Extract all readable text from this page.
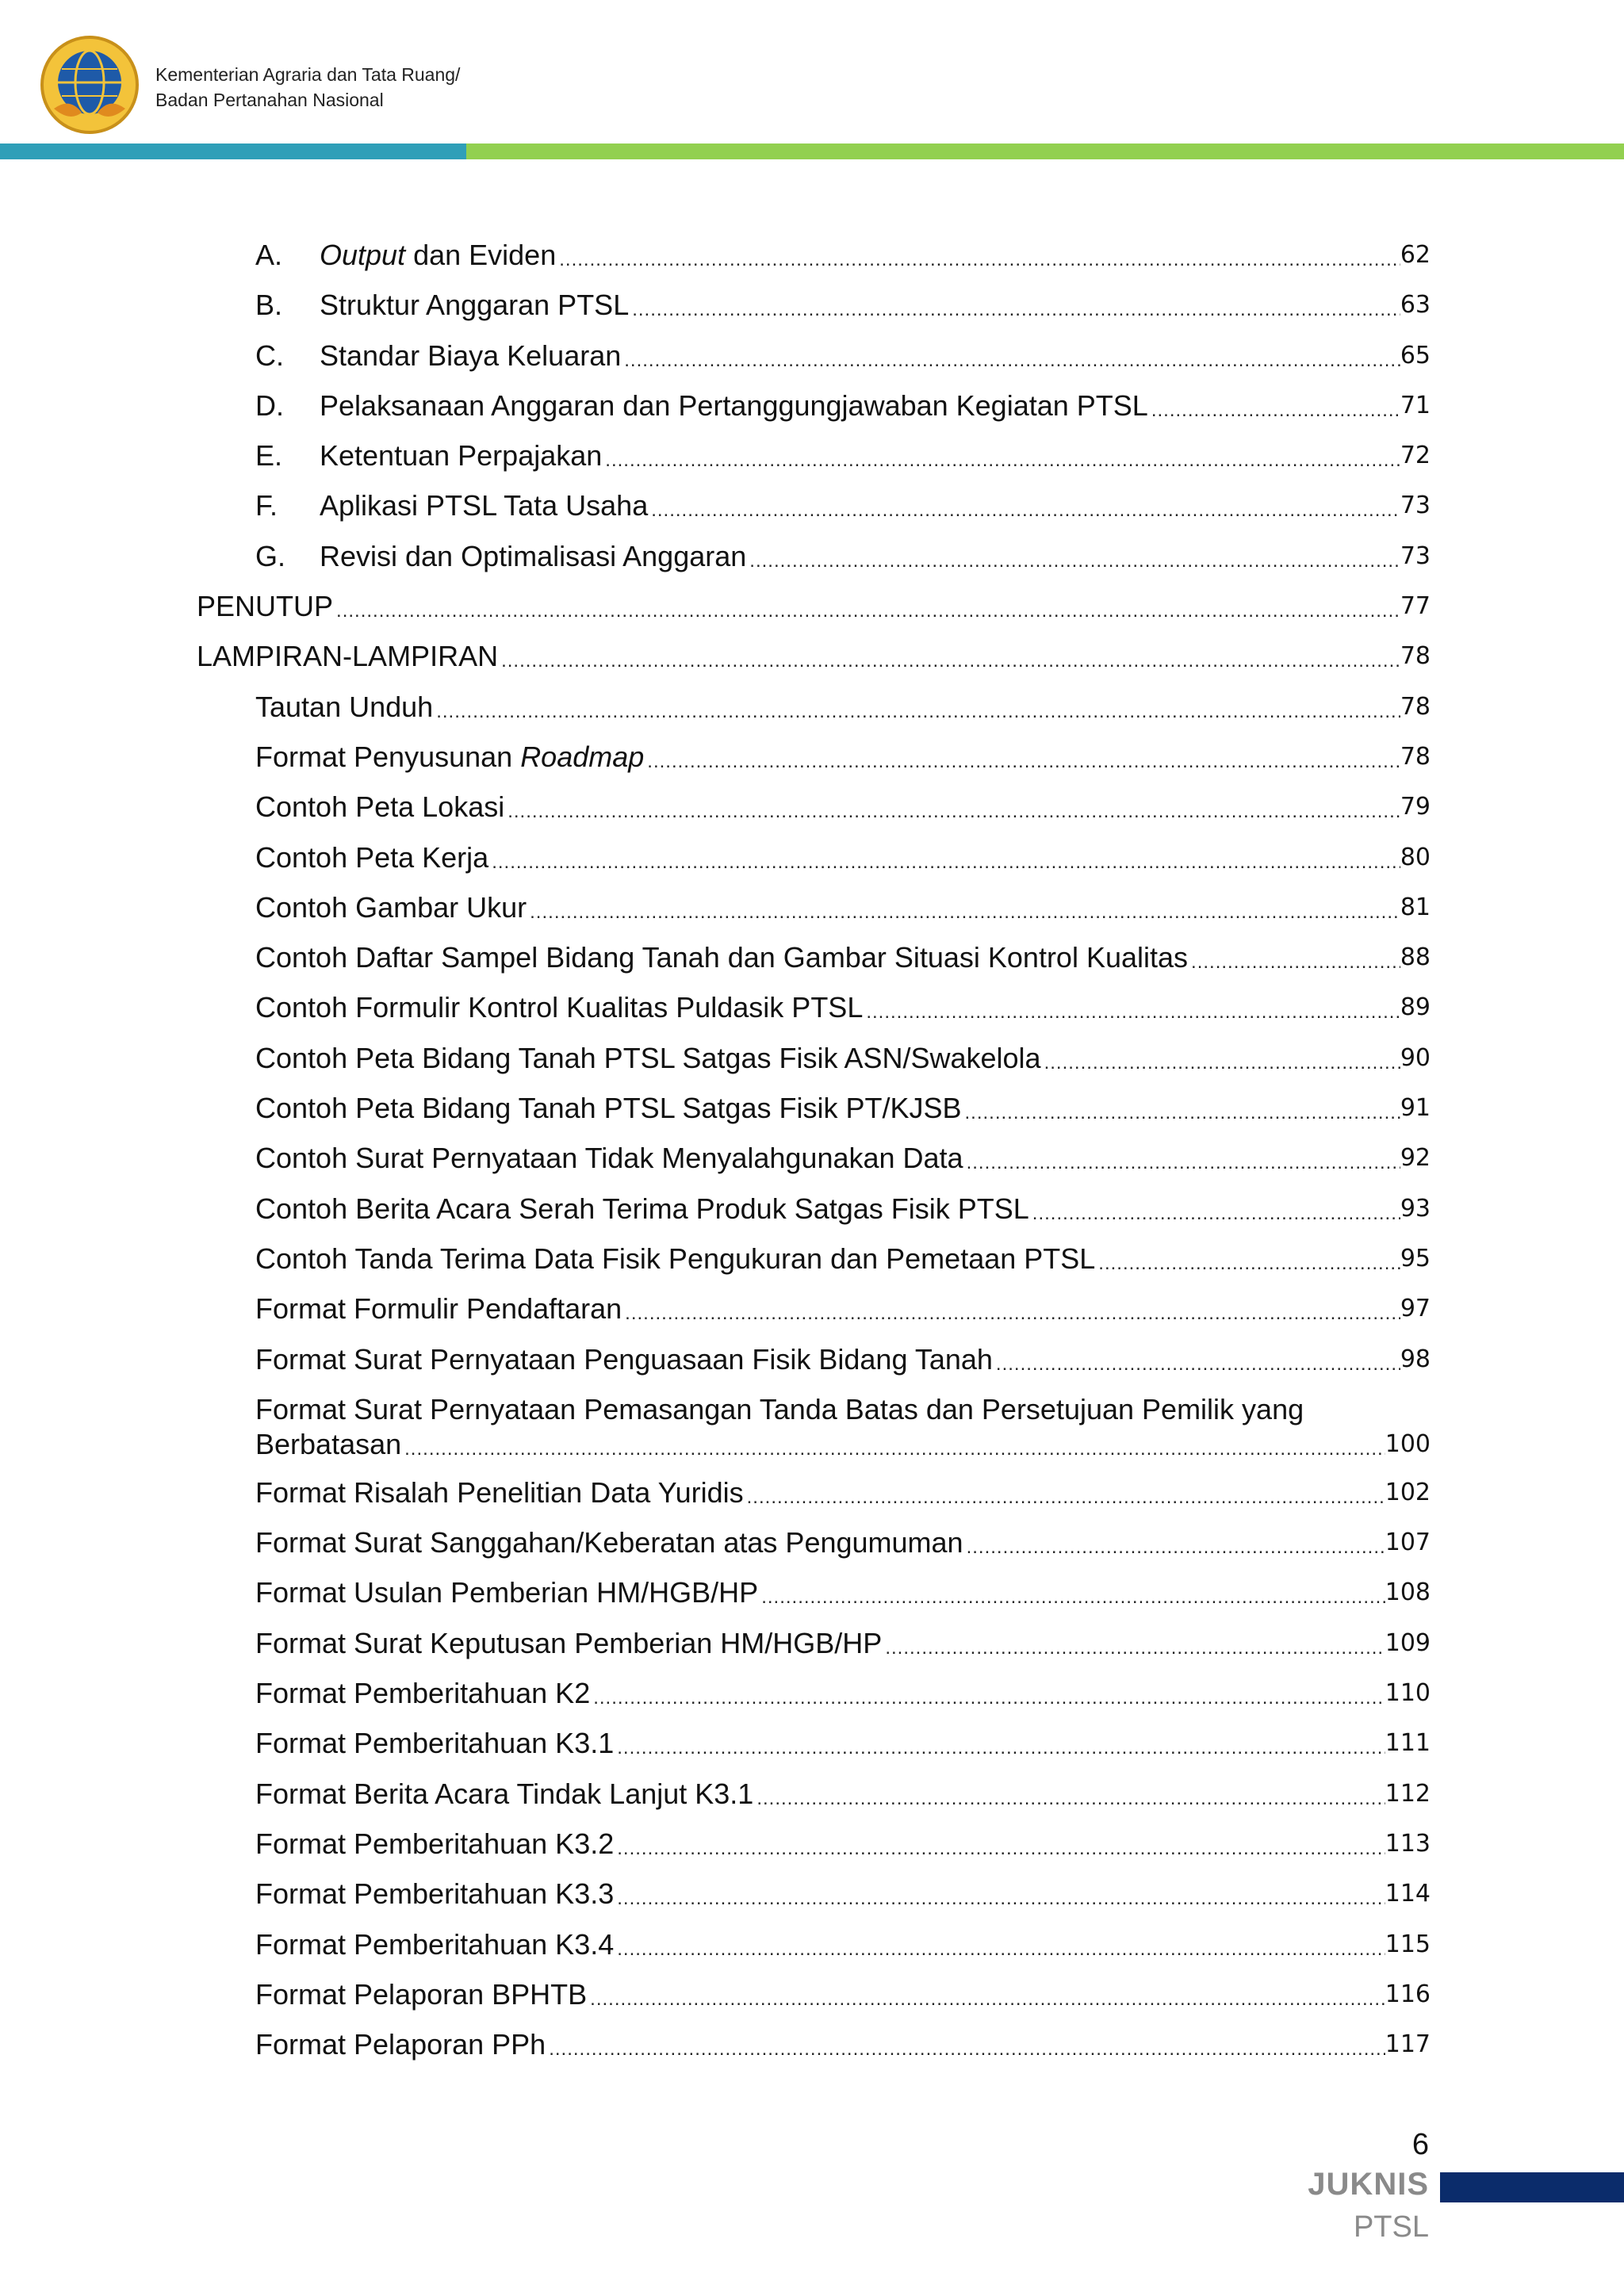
Kementerian Agraria dan Tata Ruang/
Badan Pertanahan Nasional
A.	Output dan Eviden .....	62
B.	Struktur Anggaran PTSL .....	63
C.	Standar Biaya Keluaran .....	65
D.	Pelaksanaan Anggaran dan Pertanggungjawaban Kegiatan PTSL .....	71
E.	Ketentuan Perpajakan .....	72
F.	Aplikasi PTSL Tata Usaha .....	73
G.	Revisi dan Optimalisasi Anggaran .....	73
PENUTUP .....	77
LAMPIRAN-LAMPIRAN .....	78
Tautan Unduh .....	78
Format Penyusunan Roadmap .....	78
Contoh Peta Lokasi .....	79
Contoh Peta Kerja .....	80
Contoh Gambar Ukur .....	81
Contoh Daftar Sampel Bidang Tanah dan Gambar Situasi Kontrol Kualitas .....	88
Contoh Formulir Kontrol Kualitas Puldasik PTSL .....	89
Contoh Peta Bidang Tanah PTSL Satgas Fisik ASN/Swakelola .....	90
Contoh Peta Bidang Tanah PTSL Satgas Fisik PT/KJSB .....	91
Contoh Surat Pernyataan Tidak Menyalahgunakan Data .....	92
Contoh Berita Acara Serah Terima Produk Satgas Fisik PTSL .....	93
Contoh Tanda Terima Data Fisik Pengukuran dan Pemetaan PTSL .....	95
Format Formulir Pendaftaran .....	97
Format Surat Pernyataan Penguasaan Fisik Bidang Tanah .....	98
Format Surat Pernyataan Pemasangan Tanda Batas dan Persetujuan Pemilik yang
Berbatasan .....	100
Format Risalah Penelitian Data Yuridis .....	102
Format Surat Sanggahan/Keberatan atas Pengumuman .....	107
Format Usulan Pemberian HM/HGB/HP .....	108
Format Surat Keputusan Pemberian HM/HGB/HP .....	109
Format Pemberitahuan K2 .....	110
Format Pemberitahuan K3.1 .....	111
Format Berita Acara Tindak Lanjut K3.1 .....	112
Format Pemberitahuan K3.2 .....	113
Format Pemberitahuan K3.3 .....	114
Format Pemberitahuan K3.4 .....	115
Format Pelaporan BPHTB .....	116
Format Pelaporan PPh .....	117
6
JUKNIS
PTSL
